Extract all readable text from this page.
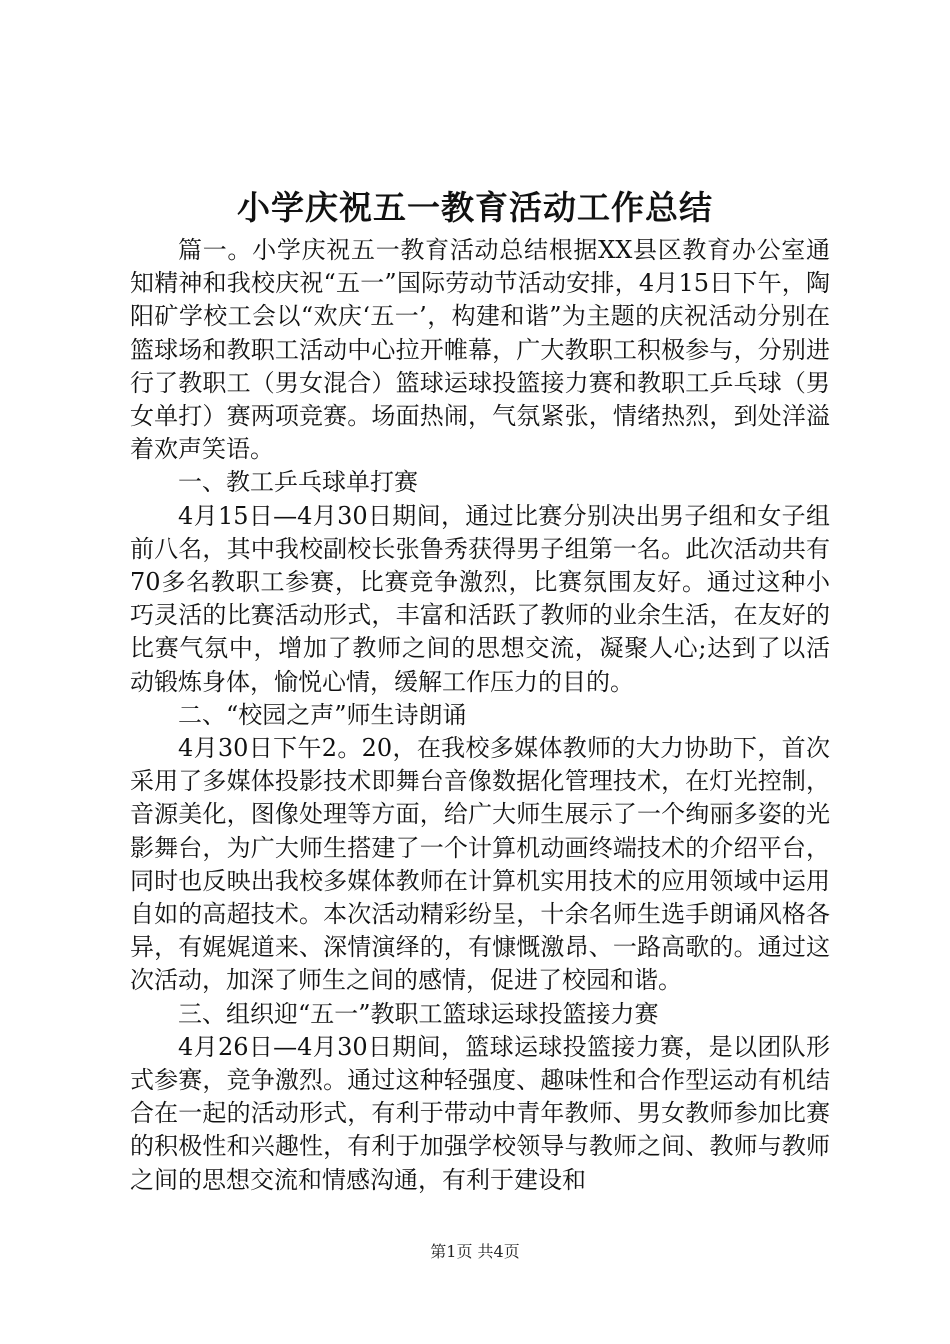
小学庆祝五一教育活动工作总结

篇一。小学庆祝五一教育活动总结根据XX县区教育办公室通知精神和我校庆祝“五一”国际劳动节活动安排，4月15日下午，陶阳矿学校工会以“欢庆‘五一’，构建和谐”为主题的庆祝活动分别在篮球场和教职工活动中心拉开帷幕，广大教职工积极参与，分别进行了教职工（男女混合）篮球运球投篮接力赛和教职工乒乓球（男女单打）赛两项竞赛。场面热闹，气氛紧张，情绪热烈，到处洋溢着欢声笑语。

一、教工乒乓球单打赛

4月15日—4月30日期间，通过比赛分别决出男子组和女子组前八名，其中我校副校长张鲁秀获得男子组第一名。此次活动共有70多名教职工参赛，比赛竞争激烈，比赛氛围友好。通过这种小巧灵活的比赛活动形式，丰富和活跃了教师的业余生活，在友好的比赛气氛中，增加了教师之间的思想交流，凝聚人心;达到了以活动锻炼身体，愉悦心情，缓解工作压力的目的。

二、“校园之声”师生诗朗诵

4月30日下午2。20，在我校多媒体教师的大力协助下，首次采用了多媒体投影技术即舞台音像数据化管理技术，在灯光控制，音源美化，图像处理等方面，给广大师生展示了一个绚丽多姿的光影舞台，为广大师生搭建了一个计算机动画终端技术的介绍平台，同时也反映出我校多媒体教师在计算机实用技术的应用领域中运用自如的高超技术。本次活动精彩纷呈，十余名师生选手朗诵风格各异，有娓娓道来、深情演绎的，有慷慨激昂、一路高歌的。通过这次活动，加深了师生之间的感情，促进了校园和谐。

三、组织迎“五一”教职工篮球运球投篮接力赛

4月26日—4月30日期间，篮球运球投篮接力赛，是以团队形式参赛，竞争激烈。通过这种轻强度、趣味性和合作型运动有机结合在一起的活动形式，有利于带动中青年教师、男女教师参加比赛的积极性和兴趣性，有利于加强学校领导与教师之间、教师与教师之间的思想交流和情感沟通，有利于建设和

第1页 共4页
